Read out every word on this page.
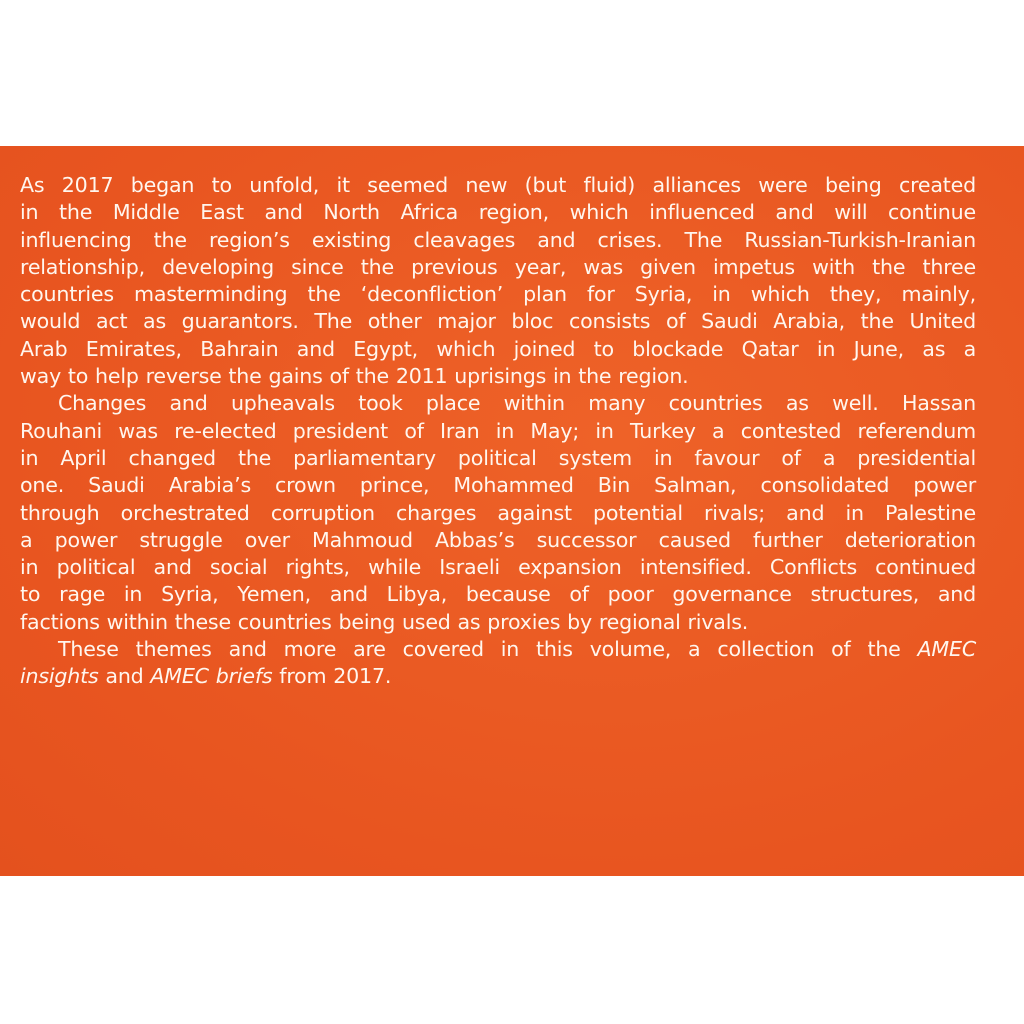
As 2017 began to unfold, it seemed new (but fluid) alliances were being created
in the Middle East and North Africa region, which influenced and will continue
influencing the region’s existing cleavages and crises. The Russian-Turkish-Iranian
relationship, developing since the previous year, was given impetus with the three
countries masterminding the ‘deconfliction’ plan for Syria, in which they, mainly,
would act as guarantors. The other major bloc consists of Saudi Arabia, the United
Arab Emirates, Bahrain and Egypt, which joined to blockade Qatar in June, as a
way to help reverse the gains of the 2011 uprisings in the region.
Changes and upheavals took place within many countries as well. Hassan
Rouhani was re-elected president of Iran in May; in Turkey a contested referendum
in April changed the parliamentary political system in favour of a presidential
one. Saudi Arabia’s crown prince, Mohammed Bin Salman, consolidated power
through orchestrated corruption charges against potential rivals; and in Palestine
a power struggle over Mahmoud Abbas’s successor caused further deterioration
in political and social rights, while Israeli expansion intensified. Conflicts continued
to rage in Syria, Yemen, and Libya, because of poor governance structures, and
factions within these countries being used as proxies by regional rivals.
These themes and more are covered in this volume, a collection of the AMEC
insights and AMEC briefs from 2017.
